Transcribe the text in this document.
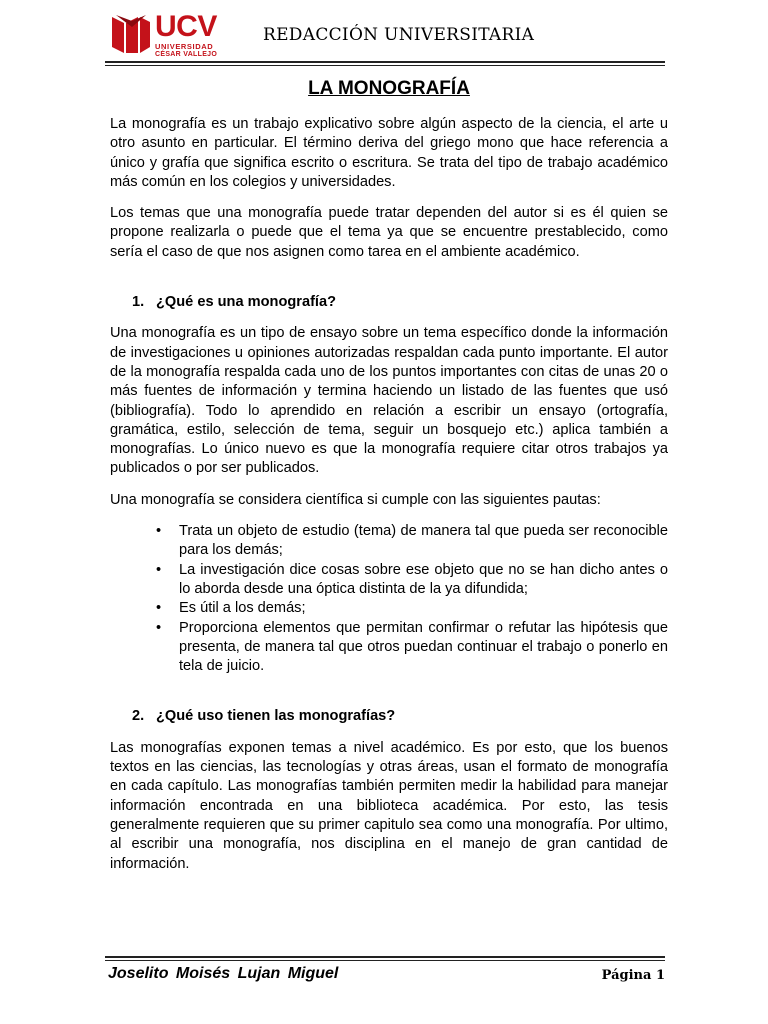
UCV
UNIVERSIDAD
CÉSAR VALLEJO
REDACCIÓN UNIVERSITARIA
LA MONOGRAFÍA

La monografía es un trabajo explicativo sobre algún aspecto de la ciencia, el arte u otro asunto en particular. El término deriva del griego mono que hace referencia a único y grafía que significa escrito o escritura. Se trata del tipo de trabajo académico más común en los colegios y universidades.

Los temas que una monografía puede tratar dependen del autor si es él quien se propone realizarla o puede que el tema ya que se encuentre prestablecido, como sería el caso de que nos asignen como tarea en el ambiente académico.

1. ¿Qué es una monografía?

Una monografía es un tipo de ensayo sobre un tema específico donde la información de investigaciones u opiniones autorizadas respaldan cada punto importante. El autor de la monografía respalda cada uno de los puntos importantes con citas de unas 20 o más fuentes de información y termina haciendo un listado de las fuentes que usó (bibliografía). Todo lo aprendido en relación a escribir un ensayo (ortografía, gramática, estilo, selección de tema, seguir un bosquejo etc.) aplica también a monografías. Lo único nuevo es que la monografía requiere citar otros trabajos ya publicados o por ser publicados.

Una monografía se considera científica si cumple con las siguientes pautas:

• Trata un objeto de estudio (tema) de manera tal que pueda ser reconocible para los demás;
• La investigación dice cosas sobre ese objeto que no se han dicho antes o lo aborda desde una óptica distinta de la ya difundida;
• Es útil a los demás;
• Proporciona elementos que permitan confirmar o refutar las hipótesis que presenta, de manera tal que otros puedan continuar el trabajo o ponerlo en tela de juicio.
2. ¿Qué uso tienen las monografías?

Las monografías exponen temas a nivel académico. Es por esto, que los buenos textos en las ciencias, las tecnologías y otras áreas, usan el formato de monografía en cada capítulo. Las monografías también permiten medir la habilidad para manejar información encontrada en una biblioteca académica. Por esto, las tesis generalmente requieren que su primer capitulo sea como una monografía. Por ultimo, al escribir una monografía, nos disciplina en el manejo de gran cantidad de información.

Joselito Moisés Lujan Miguel	Página 1
